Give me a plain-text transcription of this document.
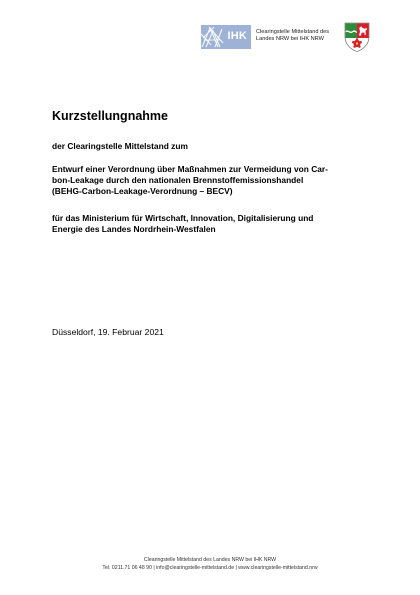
IHK Clearingstelle Mittelstand des
Landes NRW bei IHK NRW
Kurzstellungnahme

der Clearingstelle Mittelstand zum

Entwurf einer Verordnung über Maßnahmen zur Vermeidung von Car-
bon-Leakage durch den nationalen Brennstoffemissionshandel
(BEHG-Carbon-Leakage-Verordnung – BECV)

für das Ministerium für Wirtschaft, Innovation, Digitalisierung und
Energie des Landes Nordrhein-Westfalen

Düsseldorf, 19. Februar 2021

Clearingstelle Mittelstand des Landes NRW bei IHK NRW
Tel. 0211.71 06 48 90 | info@clearingstelle-mittelstand.de | www.clearingstelle-mittelstand.nrw
